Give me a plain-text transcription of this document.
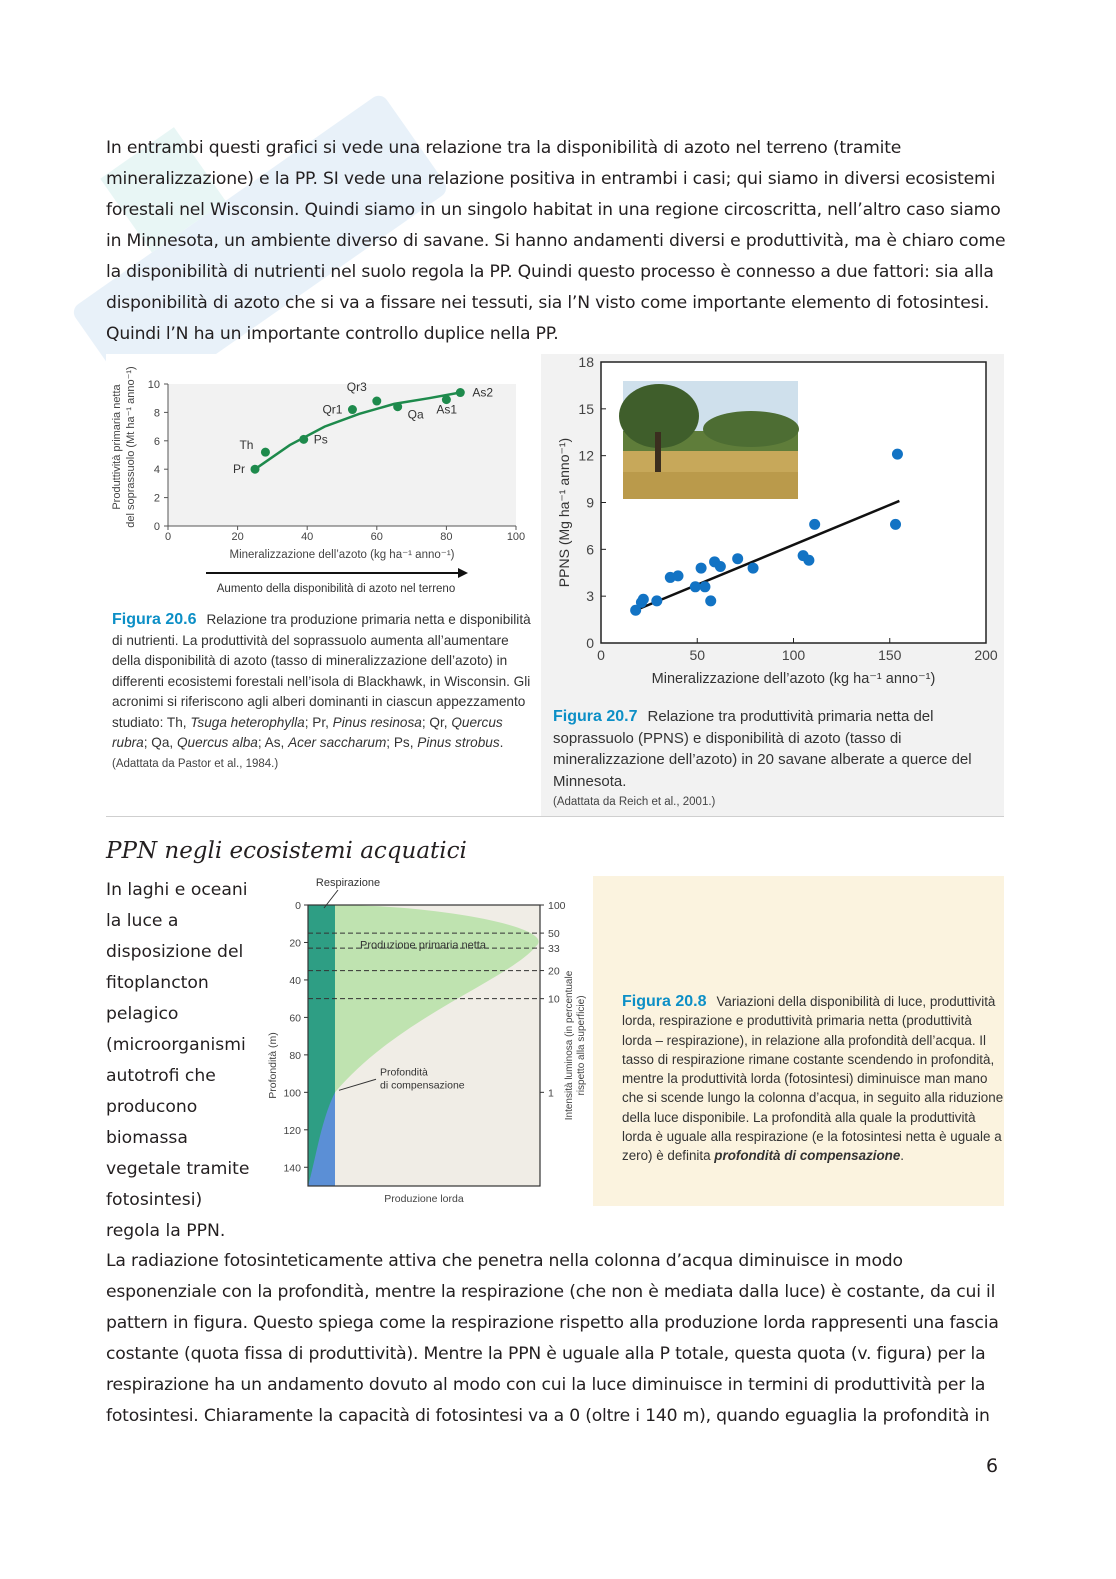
In entrambi questi grafici si vede una relazione tra la disponibilità di azoto nel terreno (tramite mineralizzazione) e la PP. SI vede una relazione positiva in entrambi i casi; qui siamo in diversi ecosistemi forestali nel Wisconsin. Quindi siamo in un singolo habitat in una regione circoscritta, nell’altro caso siamo in Minnesota, un ambiente diverso di savane. Si hanno andamenti diversi e produttività, ma è chiaro come la disponibilità di nutrienti nel suolo regola la PP. Quindi questo processo è connesso a due fattori: sia alla disponibilità di azoto che si va a fissare nei tessuti, sia l’N visto come importante elemento di fotosintesi. Quindi l’N ha un importante controllo duplice nella PP.
0	20	40	60	80	100
0
2
4
6
8
10
Mineralizzazione dell’azoto (kg ha⁻¹ anno⁻¹)
Produttività primaria netta del soprassuolo (Mt ha⁻¹ anno⁻¹)	Pr
Th	Ps
Qr1
Qr3
Qa As1
As2
Aumento della disponibilità di azoto nel terreno
Figura 20.6 Relazione tra produzione primaria netta e disponibilità di nutrienti. La produttività del soprassuolo aumenta all’aumentare della disponibilità di azoto (tasso di mineralizzazione dell’azoto) in differenti ecosistemi forestali nell’isola di Blackhawk, in Wisconsin. Gli acronimi si riferiscono agli alberi dominanti in ciascun appezzamento studiato: Th, Tsuga heterophylla; Pr, Pinus resinosa; Qr, Quercus rubra; Qa, Quercus alba; As, Acer saccharum; Ps, Pinus strobus.
(Adattata da Pastor et al., 1984.)
0	50	100	150	200
0
3
6
9
12
15
18
Mineralizzazione dell’azoto (kg ha⁻¹ anno⁻¹)
PPNS (Mg ha⁻¹ anno⁻¹)
Figura 20.7 Relazione tra produttività primaria netta del soprassuolo (PPNS) e disponibilità di azoto (tasso di mineralizzazione dell’azoto) in 20 savane alberate a querce del Minnesota.
(Adattata da Reich et al., 2001.)
PPN negli ecosistemi acquatici
In laghi e oceani la luce a disposizione del fitoplancton pelagico (microorganismi autotrofi che producono biomassa vegetale tramite fotosintesi) regola la PPN.
100
50
33
20
10
1
0
20
40
60
80
100
120
140
Respirazione
Produzione lorda
Profondità (m)	Intensità luminosa (in percentualerispetto alla superficie)
Produzione primaria netta
Profondità di compensazione
Figura 20.8 Variazioni della disponibilità di luce, produttività lorda, respirazione e produttività primaria netta (produttività lorda – respirazione), in relazione alla profondità dell’acqua. Il tasso di respirazione rimane costante scendendo in profondità, mentre la produttività lorda (fotosintesi) diminuisce man mano che si scende lungo la colonna d’acqua, in seguito alla riduzione della luce disponibile. La profondità alla quale la produttività lorda è uguale alla respirazione (e la fotosintesi netta è uguale a zero) è definita profondità di compensazione.
La radiazione fotosinteticamente attiva che penetra nella colonna d’acqua diminuisce in modo esponenziale con la profondità, mentre la respirazione (che non è mediata dalla luce) è costante, da cui il pattern in figura. Questo spiega come la respirazione rispetto alla produzione lorda rappresenti una fascia costante (quota fissa di produttività). Mentre la PPN è uguale alla P totale, questa quota (v. figura) per la respirazione ha un andamento dovuto al modo con cui la luce diminuisce in termini di produttività per la fotosintesi. Chiaramente la capacità di fotosintesi va a 0 (oltre i 140 m), quando eguaglia la profondità in
6
